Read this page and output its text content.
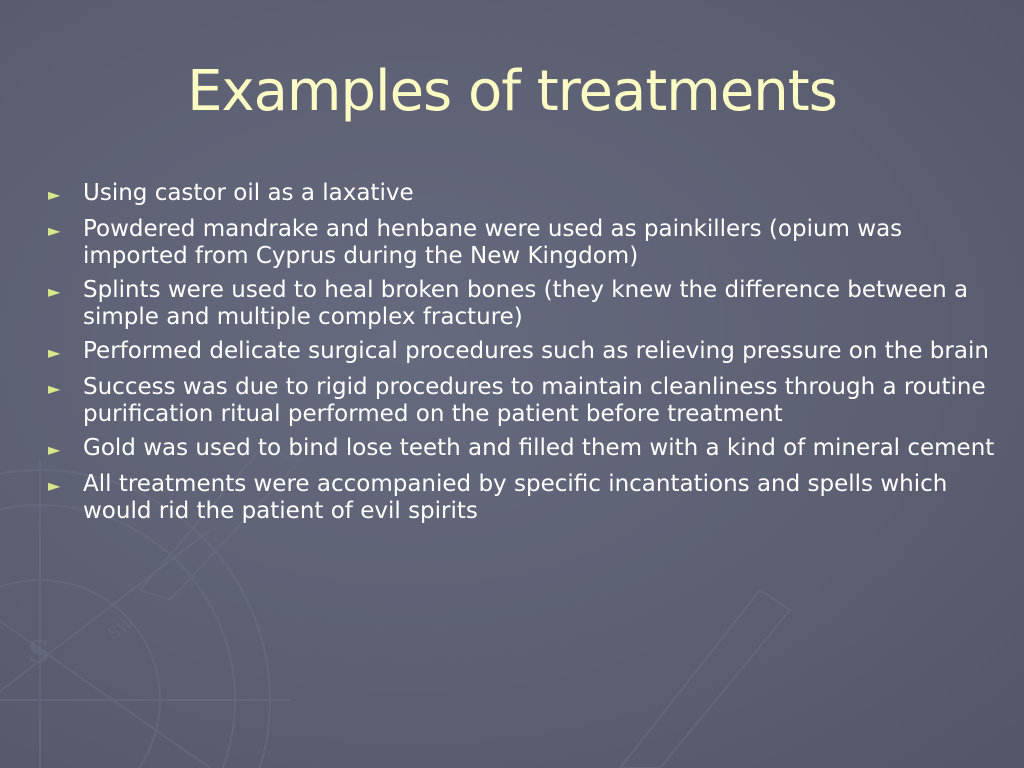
S
SW
Examples of treatments
► Using castor oil as a laxative
► Powdered mandrake and henbane were used as painkillers (opium was imported from Cyprus during the New Kingdom)
► Splints were used to heal broken bones (they knew the difference between a simple and multiple complex fracture)
► Performed delicate surgical procedures such as relieving pressure on the brain
► Success was due to rigid procedures to maintain cleanliness through a routine purification ritual performed on the patient before treatment
► Gold was used to bind lose teeth and filled them with a kind of mineral cement
► All treatments were accompanied by specific incantations and spells which would rid the patient of evil spirits
